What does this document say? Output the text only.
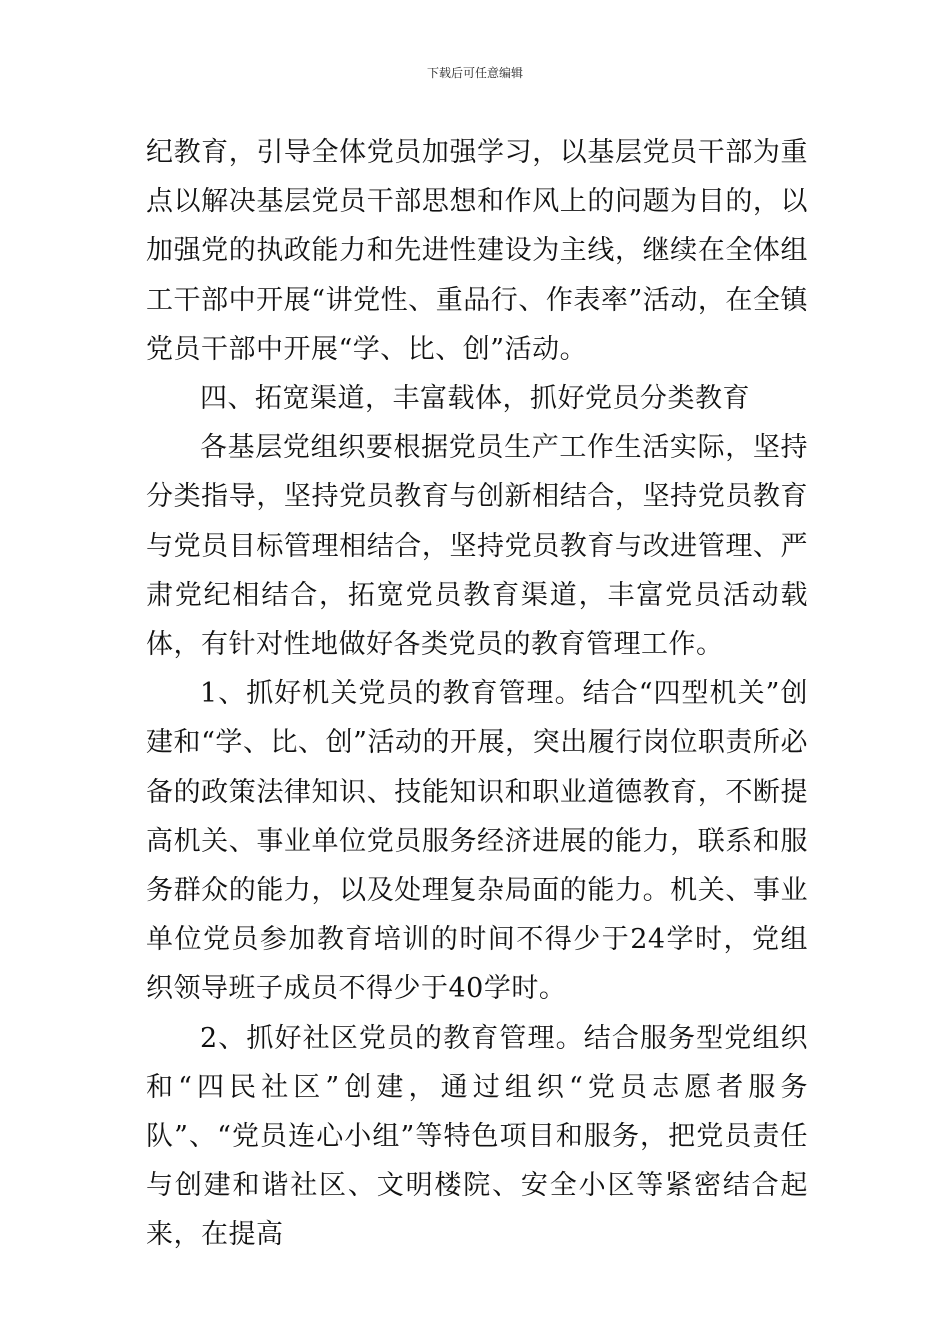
下载后可任意编辑

纪教育，引导全体党员加强学习，以基层党员干部为重点以解决基层党员干部思想和作风上的问题为目的，以加强党的执政能力和先进性建设为主线，继续在全体组工干部中开展“讲党性、重品行、作表率”活动，在全镇党员干部中开展“学、比、创”活动。

四、拓宽渠道，丰富载体，抓好党员分类教育

各基层党组织要根据党员生产工作生活实际，坚持分类指导，坚持党员教育与创新相结合，坚持党员教育与党员目标管理相结合，坚持党员教育与改进管理、严肃党纪相结合，拓宽党员教育渠道，丰富党员活动载体，有针对性地做好各类党员的教育管理工作。

1、抓好机关党员的教育管理。结合“四型机关”创建和“学、比、创”活动的开展，突出履行岗位职责所必备的政策法律知识、技能知识和职业道德教育，不断提高机关、事业单位党员服务经济进展的能力，联系和服务群众的能力，以及处理复杂局面的能力。机关、事业单位党员参加教育培训的时间不得少于24学时，党组织领导班子成员不得少于40学时。

2、抓好社区党员的教育管理。结合服务型党组织和“四民社区”创建，通过组织“党员志愿者服务队”、“党员连心小组”等特色项目和服务，把党员责任与创建和谐社区、文明楼院、安全小区等紧密结合起来，在提高
